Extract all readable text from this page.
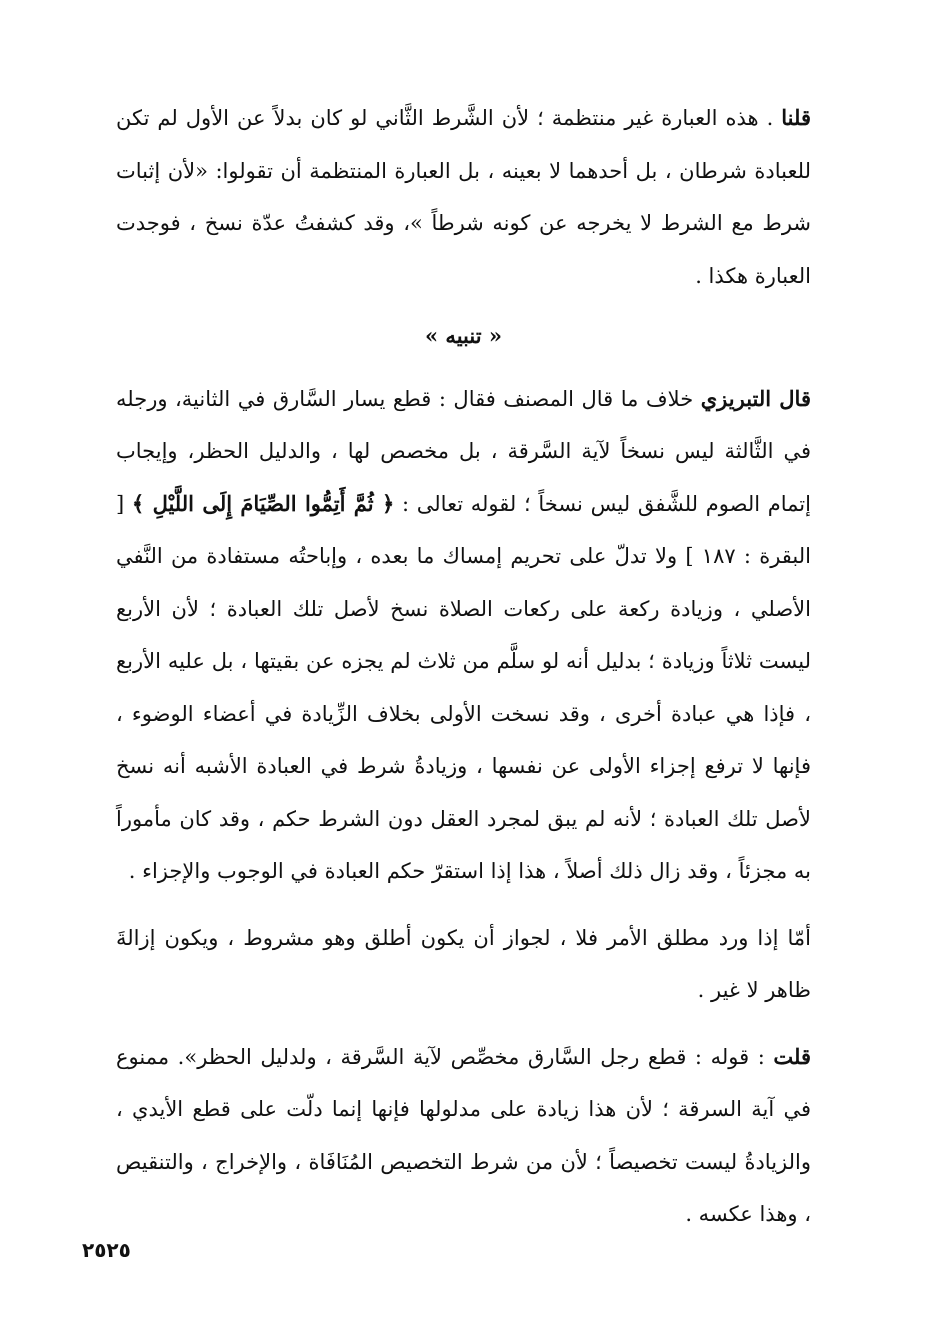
قلنا . هذه العبارة غير منتظمة ؛ لأن الشَّرط الثَّاني لو كان بدلاً عن الأول لم تكن للعبادة شرطان ، بل أحدهما لا بعينه ، بل العبارة المنتظمة أن تقولوا: «لأن إثبات شرط مع الشرط لا يخرجه عن كونه شرطاً »، وقد كشفتُ عدّة نسخ ، فوجدت العبارة هكذا .

« تنبيه »

قال التبريزي خلاف ما قال المصنف فقال : قطع يسار السَّارق في الثانية، ورجله في الثَّالثة ليس نسخاً لآية السَّرقة ، بل مخصص لها ، والدليل الحظر، وإيجاب إتمام الصوم للشَّفق ليس نسخاً ؛ لقوله تعالى : ﴿ ثُمَّ أَتِمُّوا الصِّيَامَ إِلَى اللَّيْلِ ﴾ [ البقرة : ١٨٧ ] ولا تدلّ على تحريم إمساك ما بعده ، وإباحتُه مستفادة من النَّفي الأصلي ، وزيادة ركعة على ركعات الصلاة نسخ لأصل تلك العبادة ؛ لأن الأربع ليست ثلاثاً وزيادة ؛ بدليل أنه لو سلَّم من ثلاث لم يجزه عن بقيتها ، بل عليه الأربع ، فإذا هي عبادة أخرى ، وقد نسخت الأولى بخلاف الزِّيادة في أعضاء الوضوء ، فإنها لا ترفع إجزاء الأولى عن نفسها ، وزيادةُ شرط في العبادة الأشبه أنه نسخ لأصل تلك العبادة ؛ لأنه لم يبق لمجرد العقل دون الشرط حكم ، وقد كان مأموراً به مجزئاً ، وقد زال ذلك أصلاً ، هذا إذا استقرّ حكم العبادة في الوجوب والإجزاء .

أمّا إذا ورد مطلق الأمر فلا ، لجواز أن يكون أطلق وهو مشروط ، ويكون إزالةَ ظاهر لا غير .

قلت : قوله : قطع رجل السَّارق مخصِّص لآية السَّرقة ، ولدليل الحظر». ممنوع في آية السرقة ؛ لأن هذا زيادة على مدلولها فإنها إنما دلّت على قطع الأيدي ، والزيادةُ ليست تخصيصاً ؛ لأن من شرط التخصيص المُنَافَاة ، والإخراج ، والتنقيص ، وهذا عكسه .

٢٥٢٥
